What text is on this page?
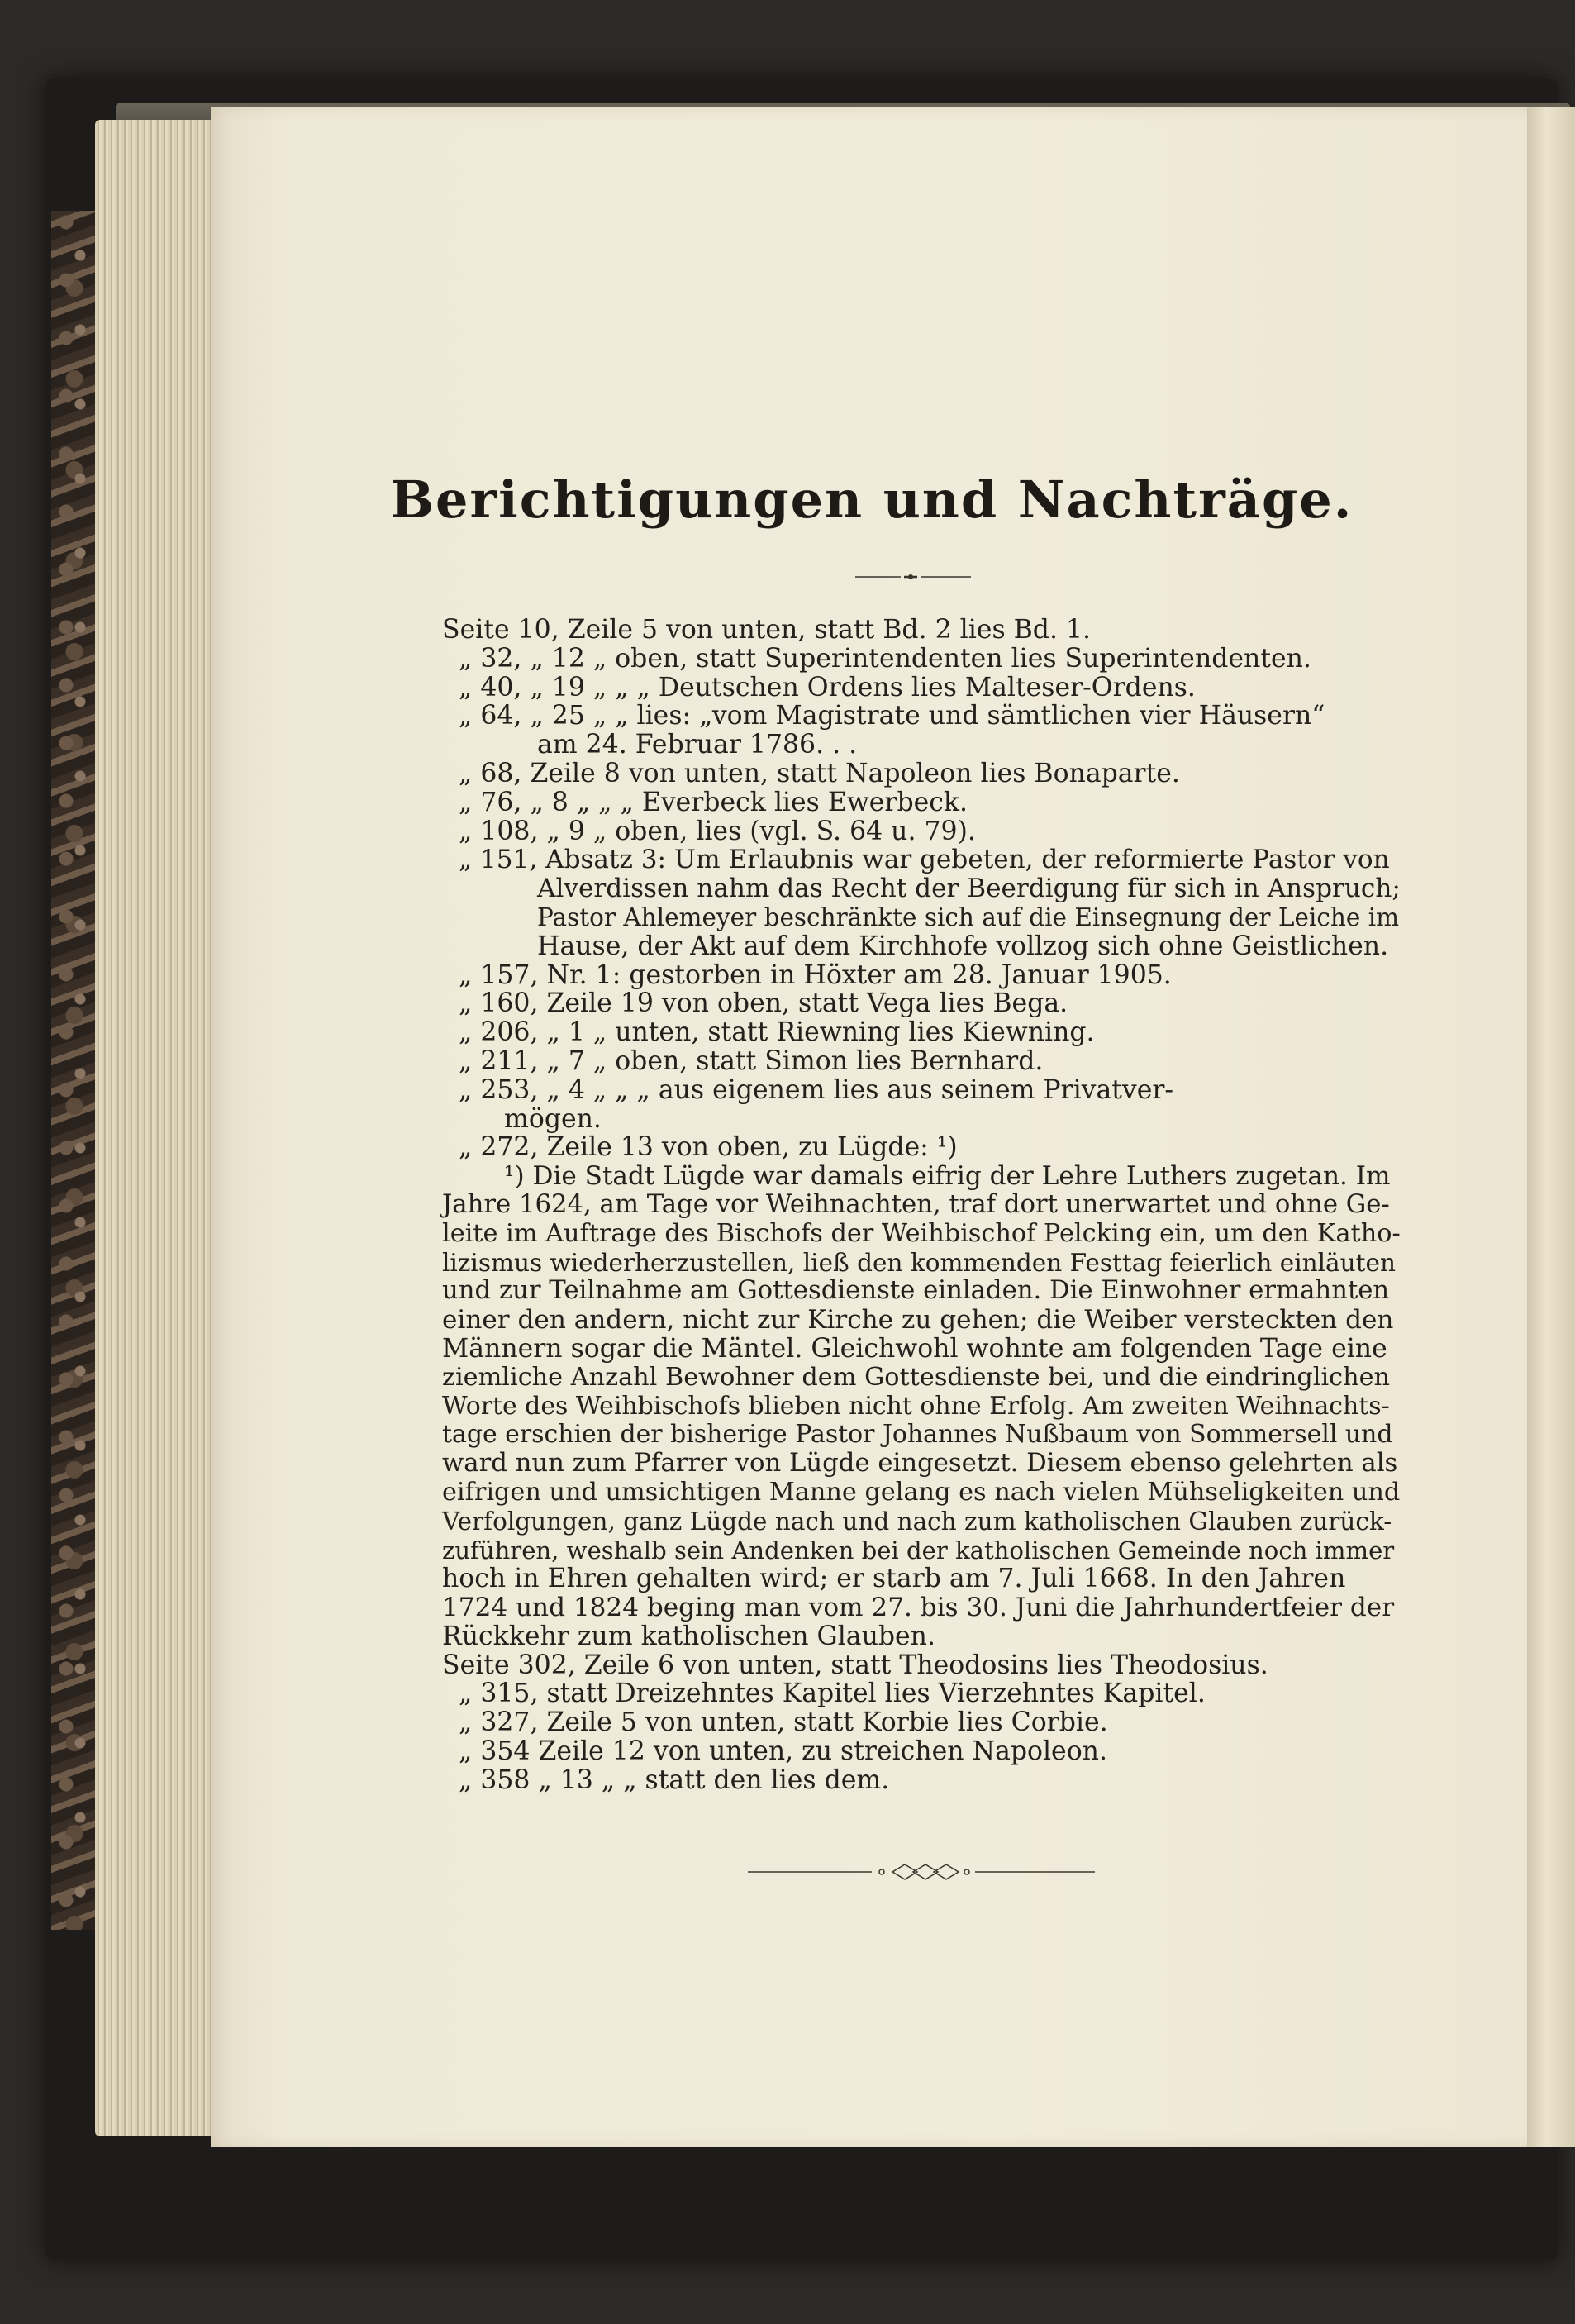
Berichtigungen und Nachträge.
Seite 10, Zeile 5 von unten, statt Bd. 2 lies Bd. 1.
„ 32, „ 12 „ oben, statt Superintendenten lies Superintendenten.
„ 40, „ 19 „ „ „ Deutschen Ordens lies Malteser-Ordens.
„ 64, „ 25 „ „ lies: „vom Magistrate und sämtlichen vier Häusern“
am 24. Februar 1786. . .
„ 68, Zeile 8 von unten, statt Napoleon lies Bonaparte.
„ 76, „ 8 „ „ „ Everbeck lies Ewerbeck.
„ 108, „ 9 „ oben, lies (vgl. S. 64 u. 79).
„ 151, Absatz 3: Um Erlaubnis war gebeten, der reformierte Pastor von
Alverdissen nahm das Recht der Beerdigung für sich in Anspruch;
Pastor Ahlemeyer beschränkte sich auf die Einsegnung der Leiche im
Hause, der Akt auf dem Kirchhofe vollzog sich ohne Geistlichen.
„ 157, Nr. 1: gestorben in Höxter am 28. Januar 1905.
„ 160, Zeile 19 von oben, statt Vega lies Bega.
„ 206, „ 1 „ unten, statt Riewning lies Kiewning.
„ 211, „ 7 „ oben, statt Simon lies Bernhard.
„ 253, „ 4 „ „ „ aus eigenem lies aus seinem Privatver-
mögen.
„ 272, Zeile 13 von oben, zu Lügde: ¹)
¹) Die Stadt Lügde war damals eifrig der Lehre Luthers zugetan. Im
Jahre 1624, am Tage vor Weihnachten, traf dort unerwartet und ohne Ge-
leite im Auftrage des Bischofs der Weihbischof Pelcking ein, um den Katho-
lizismus wiederherzustellen, ließ den kommenden Festtag feierlich einläuten
und zur Teilnahme am Gottesdienste einladen. Die Einwohner ermahnten
einer den andern, nicht zur Kirche zu gehen; die Weiber versteckten den
Männern sogar die Mäntel. Gleichwohl wohnte am folgenden Tage eine
ziemliche Anzahl Bewohner dem Gottesdienste bei, und die eindringlichen
Worte des Weihbischofs blieben nicht ohne Erfolg. Am zweiten Weihnachts-
tage erschien der bisherige Pastor Johannes Nußbaum von Sommersell und
ward nun zum Pfarrer von Lügde eingesetzt. Diesem ebenso gelehrten als
eifrigen und umsichtigen Manne gelang es nach vielen Mühseligkeiten und
Verfolgungen, ganz Lügde nach und nach zum katholischen Glauben zurück-
zuführen, weshalb sein Andenken bei der katholischen Gemeinde noch immer
hoch in Ehren gehalten wird; er starb am 7. Juli 1668. In den Jahren
1724 und 1824 beging man vom 27. bis 30. Juni die Jahrhundertfeier der
Rückkehr zum katholischen Glauben.
Seite 302, Zeile 6 von unten, statt Theodosins lies Theodosius.
„ 315, statt Dreizehntes Kapitel lies Vierzehntes Kapitel.
„ 327, Zeile 5 von unten, statt Korbie lies Corbie.
„ 354 Zeile 12 von unten, zu streichen Napoleon.
„ 358 „ 13 „ „ statt den lies dem.
